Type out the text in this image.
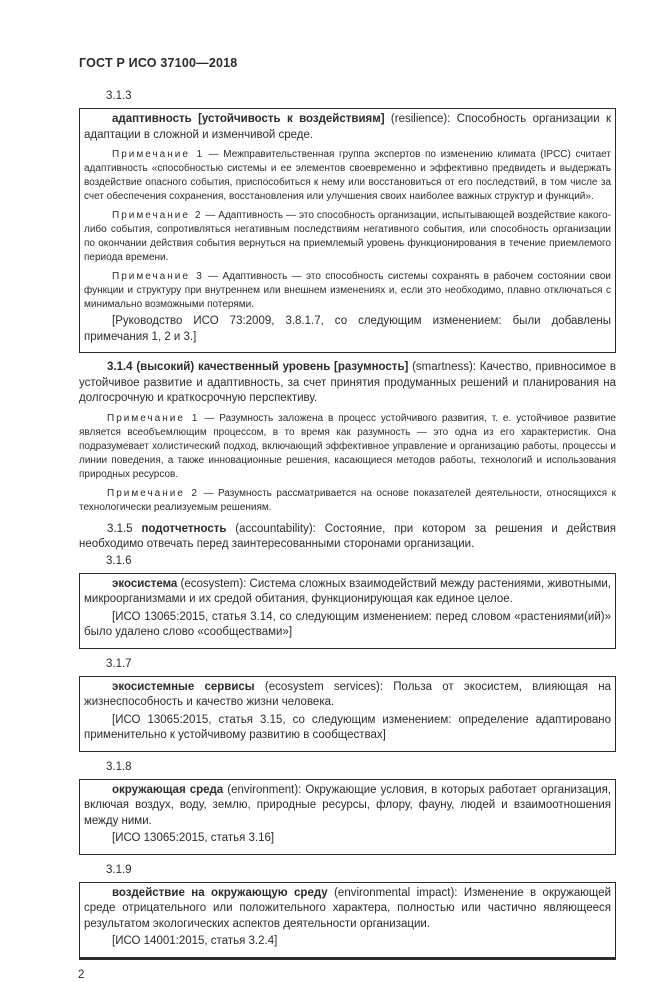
ГОСТ Р ИСО 37100—2018
3.1.3

адаптивность [устойчивость к воздействиям] (resilience): Способность организации к адаптации в сложной и изменчивой среде.

Примечание 1 — Межправительственная группа экспертов по изменению климата (IPCC) считает адаптивность «способностью системы и ее элементов своевременно и эффективно предвидеть и выдержать воздействие опасного события, приспособиться к нему или восстановиться от его последствий, в том числе за счет обеспечения сохранения, восстановления или улучшения своих наиболее важных структур и функций».

Примечание 2 — Адаптивность — это способность организации, испытывающей воздействие какого-либо события, сопротивляться негативным последствиям негативного события, или способность организации по окончании действия события вернуться на приемлемый уровень функционирования в течение приемлемого периода времени.

Примечание 3 — Адаптивность — это способность системы сохранять в рабочем состоянии свои функции и структуру при внутреннем или внешнем изменениях и, если это необходимо, плавно отключаться с минимально возможными потерями.

[Руководство ИСО 73:2009, 3.8.1.7, со следующим изменением: были добавлены примечания 1, 2 и 3.]

3.1.4 (высокий) качественный уровень [разумность] (smartness): Качество, привносимое в устойчивое развитие и адаптивность, за счет принятия продуманных решений и планирования на долгосрочную и краткосрочную перспективу.

Примечание 1 — Разумность заложена в процесс устойчивого развития, т. е. устойчивое развитие является всеобъемлющим процессом, в то время как разумность — это одна из его характеристик. Она подразумевает холистический подход, включающий эффективное управление и организацию работы, процессы и линии поведения, а также инновационные решения, касающиеся методов работы, технологий и использования природных ресурсов.

Примечание 2 — Разумность рассматривается на основе показателей деятельности, относящихся к технологически реализуемым решениям.

3.1.5 подотчетность (accountability): Состояние, при котором за решения и действия необходимо отвечать перед заинтересованными сторонами организации.

3.1.6

экосистема (ecosystem): Система сложных взаимодействий между растениями, животными, микроорганизмами и их средой обитания, функционирующая как единое целое.

[ИСО 13065:2015, статья 3.14, со следующим изменением: перед словом «растениями(ий)» было удалено слово «сообществами»]

3.1.7

экосистемные сервисы (ecosystem services): Польза от экосистем, влияющая на жизнеспособность и качество жизни человека.

[ИСО 13065:2015, статья 3.15, со следующим изменением: определение адаптировано применительно к устойчивому развитию в сообществах]

3.1.8

окружающая среда (environment): Окружающие условия, в которых работает организация, включая воздух, воду, землю, природные ресурсы, флору, фауну, людей и взаимоотношения между ними.

[ИСО 13065:2015, статья 3.16]

3.1.9

воздействие на окружающую среду (environmental impact): Изменение в окружающей среде отрицательного или положительного характера, полностью или частично являющееся результатом экологических аспектов деятельности организации.

[ИСО 14001:2015, статья 3.2.4]

2
